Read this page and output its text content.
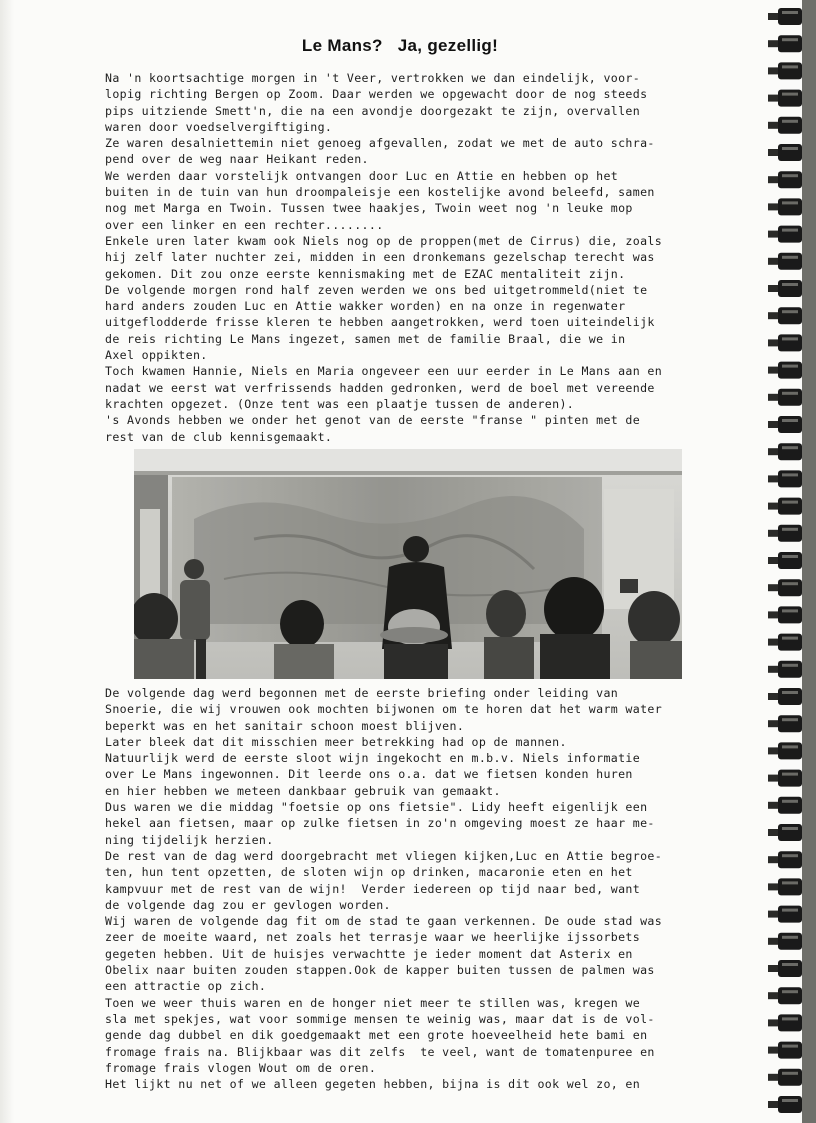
Le Mans?   Ja, gezellig!
Na 'n koortsachtige morgen in 't Veer, vertrokken we dan eindelijk, voor-
lopig richting Bergen op Zoom. Daar werden we opgewacht door de nog steeds
pips uitziende Smett'n, die na een avondje doorgezakt te zijn, overvallen
waren door voedselvergiftiging.
Ze waren desalniettemin niet genoeg afgevallen, zodat we met de auto schra-
pend over de weg naar Heikant reden.
We werden daar vorstelijk ontvangen door Luc en Attie en hebben op het
buiten in de tuin van hun droompaleisje een kostelijke avond beleefd, samen
nog met Marga en Twoin. Tussen twee haakjes, Twoin weet nog 'n leuke mop
over een linker en een rechter........
Enkele uren later kwam ook Niels nog op de proppen(met de Cirrus) die, zoals
hij zelf later nuchter zei, midden in een dronkemans gezelschap terecht was
gekomen. Dit zou onze eerste kennismaking met de EZAC mentaliteit zijn.
De volgende morgen rond half zeven werden we ons bed uitgetrommeld(niet te
hard anders zouden Luc en Attie wakker worden) en na onze in regenwater
uitgeflodderde frisse kleren te hebben aangetrokken, werd toen uiteindelijk
de reis richting Le Mans ingezet, samen met de familie Braal, die we in
Axel oppikten.
Toch kwamen Hannie, Niels en Maria ongeveer een uur eerder in Le Mans aan en
nadat we eerst wat verfrissends hadden gedronken, werd de boel met vereende
krachten opgezet. (Onze tent was een plaatje tussen de anderen).
's Avonds hebben we onder het genot van de eerste "franse " pinten met de
rest van de club kennisgemaakt.
De volgende dag werd begonnen met de eerste briefing onder leiding van
Snoerie, die wij vrouwen ook mochten bijwonen om te horen dat het warm water
beperkt was en het sanitair schoon moest blijven.
Later bleek dat dit misschien meer betrekking had op de mannen.
Natuurlijk werd de eerste sloot wijn ingekocht en m.b.v. Niels informatie
over Le Mans ingewonnen. Dit leerde ons o.a. dat we fietsen konden huren
en hier hebben we meteen dankbaar gebruik van gemaakt.
Dus waren we die middag "foetsie op ons fietsie". Lidy heeft eigenlijk een
hekel aan fietsen, maar op zulke fietsen in zo'n omgeving moest ze haar me-
ning tijdelijk herzien.
De rest van de dag werd doorgebracht met vliegen kijken,Luc en Attie begroe-
ten, hun tent opzetten, de sloten wijn op drinken, macaronie eten en het
kampvuur met de rest van de wijn!  Verder iedereen op tijd naar bed, want
de volgende dag zou er gevlogen worden.
Wij waren de volgende dag fit om de stad te gaan verkennen. De oude stad was
zeer de moeite waard, net zoals het terrasje waar we heerlijke ijssorbets
gegeten hebben. Uit de huisjes verwachtte je ieder moment dat Asterix en
Obelix naar buiten zouden stappen.Ook de kapper buiten tussen de palmen was
een attractie op zich.
Toen we weer thuis waren en de honger niet meer te stillen was, kregen we
sla met spekjes, wat voor sommige mensen te weinig was, maar dat is de vol-
gende dag dubbel en dik goedgemaakt met een grote hoeveelheid hete bami en
fromage frais na. Blijkbaar was dit zelfs  te veel, want de tomatenpuree en
fromage frais vlogen Wout om de oren.
Het lijkt nu net of we alleen gegeten hebben, bijna is dit ook wel zo, en
